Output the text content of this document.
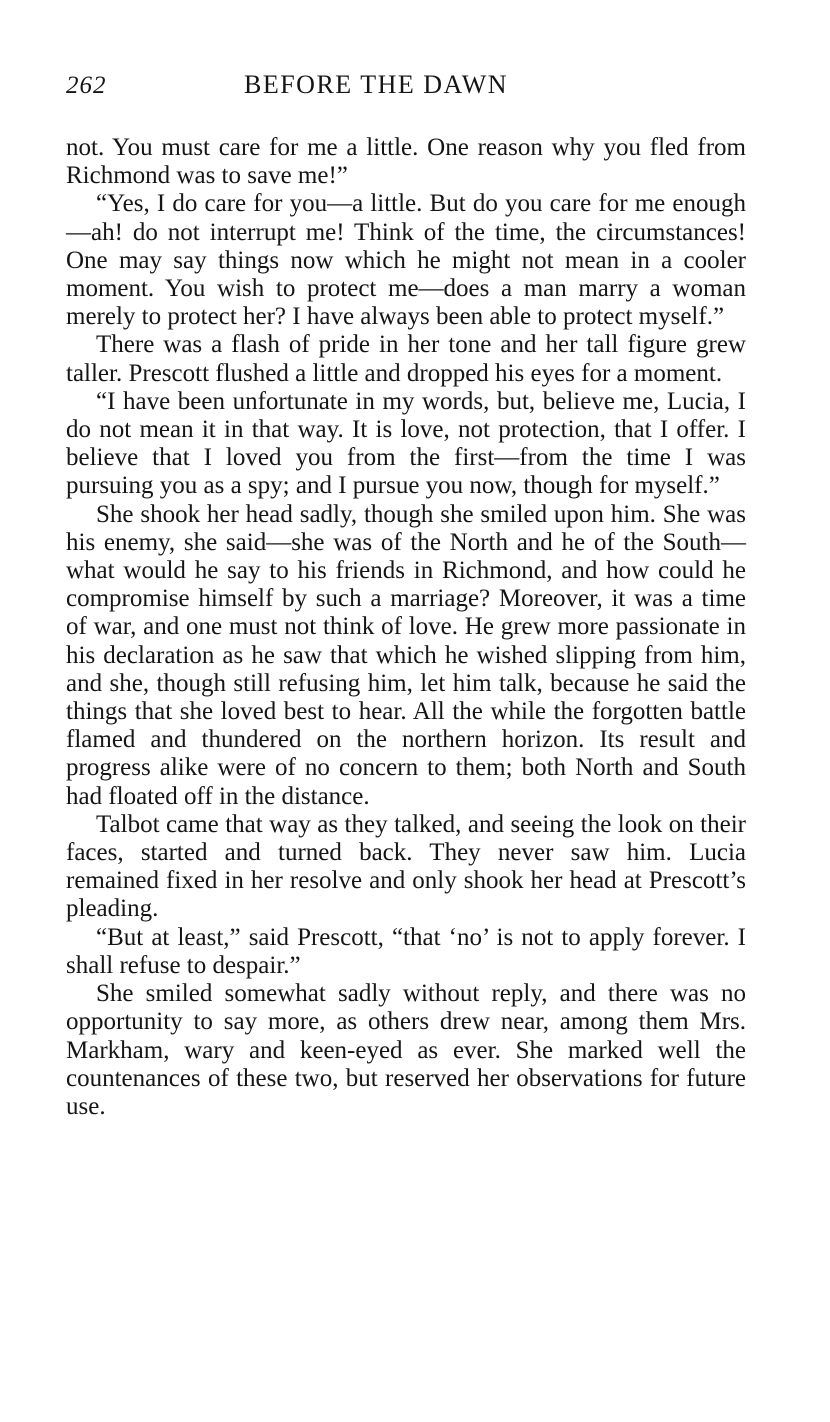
262	BEFORE THE DAWN

not. You must care for me a little. One reason why you fled from Richmond was to save me!”

“Yes, I do care for you—a little. But do you care for me enough—ah! do not interrupt me! Think of the time, the circumstances! One may say things now which he might not mean in a cooler moment. You wish to protect me—does a man marry a woman merely to protect her? I have always been able to protect myself.”

There was a flash of pride in her tone and her tall figure grew taller. Prescott flushed a little and dropped his eyes for a moment.

“I have been unfortunate in my words, but, believe me, Lucia, I do not mean it in that way. It is love, not protection, that I offer. I believe that I loved you from the first—from the time I was pursuing you as a spy; and I pursue you now, though for myself.”

She shook her head sadly, though she smiled upon him. She was his enemy, she said—she was of the North and he of the South—what would he say to his friends in Richmond, and how could he compromise himself by such a marriage? Moreover, it was a time of war, and one must not think of love. He grew more passionate in his declaration as he saw that which he wished slipping from him, and she, though still refusing him, let him talk, because he said the things that she loved best to hear. All the while the forgotten battle flamed and thundered on the northern horizon. Its result and progress alike were of no concern to them; both North and South had floated off in the distance.

Talbot came that way as they talked, and seeing the look on their faces, started and turned back. They never saw him. Lucia remained fixed in her resolve and only shook her head at Prescott’s pleading.

“But at least,” said Prescott, “that ‘no’ is not to apply forever. I shall refuse to despair.”

She smiled somewhat sadly without reply, and there was no opportunity to say more, as others drew near, among them Mrs. Markham, wary and keen-eyed as ever. She marked well the countenances of these two, but reserved her observations for future use.
